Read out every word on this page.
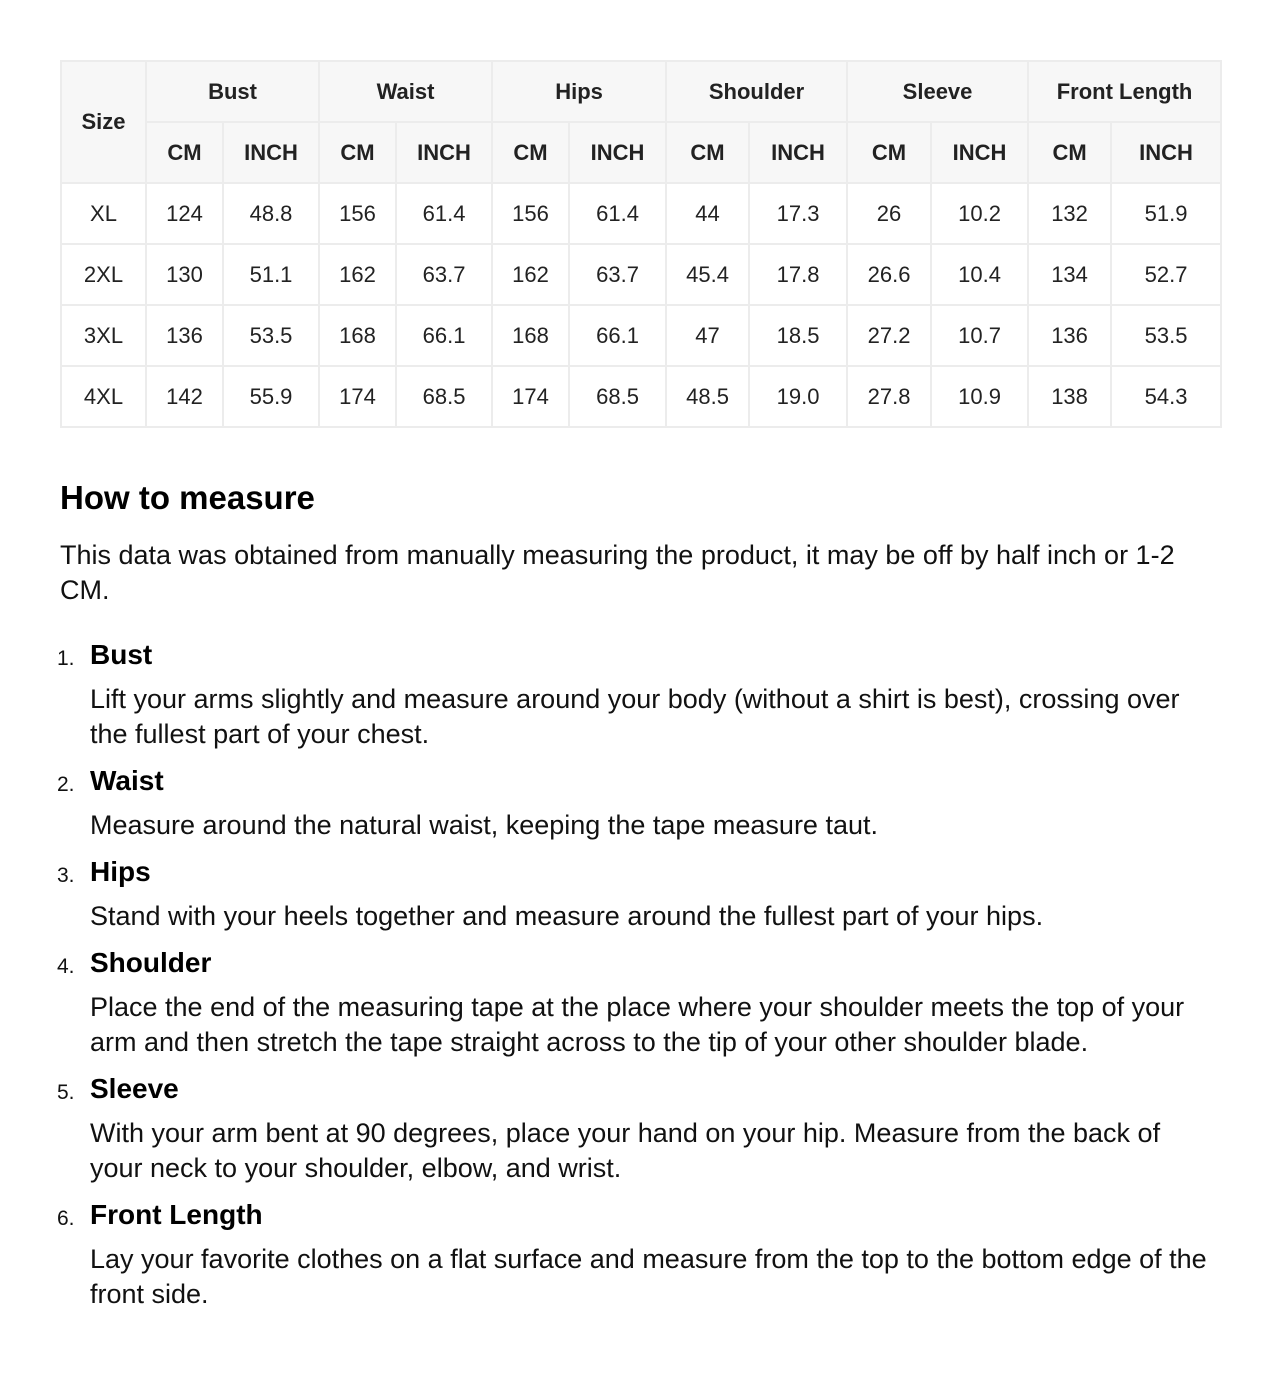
Size	Bust		Waist		Hips		Shoulder		Sleeve		Front Length	
	CM	INCH	CM	INCH	CM	INCH	CM	INCH	CM	INCH	CM	INCH
XL	124	48.8	156	61.4	156	61.4	44	17.3	26	10.2	132	51.9
2XL	130	51.1	162	63.7	162	63.7	45.4	17.8	26.6	10.4	134	52.7
3XL	136	53.5	168	66.1	168	66.1	47	18.5	27.2	10.7	136	53.5
4XL	142	55.9	174	68.5	174	68.5	48.5	19.0	27.8	10.9	138	54.3
How to measure

This data was obtained from manually measuring the product, it may be off by half inch or 1-2 CM.

1. Bust
Lift your arms slightly and measure around your body (without a shirt is best), crossing over the fullest part of your chest.
2. Waist
Measure around the natural waist, keeping the tape measure taut.
3. Hips
Stand with your heels together and measure around the fullest part of your hips.
4. Shoulder
Place the end of the measuring tape at the place where your shoulder meets the top of your arm and then stretch the tape straight across to the tip of your other shoulder blade.
5. Sleeve
With your arm bent at 90 degrees, place your hand on your hip. Measure from the back of your neck to your shoulder, elbow, and wrist.
6. Front Length
Lay your favorite clothes on a flat surface and measure from the top to the bottom edge of the front side.
